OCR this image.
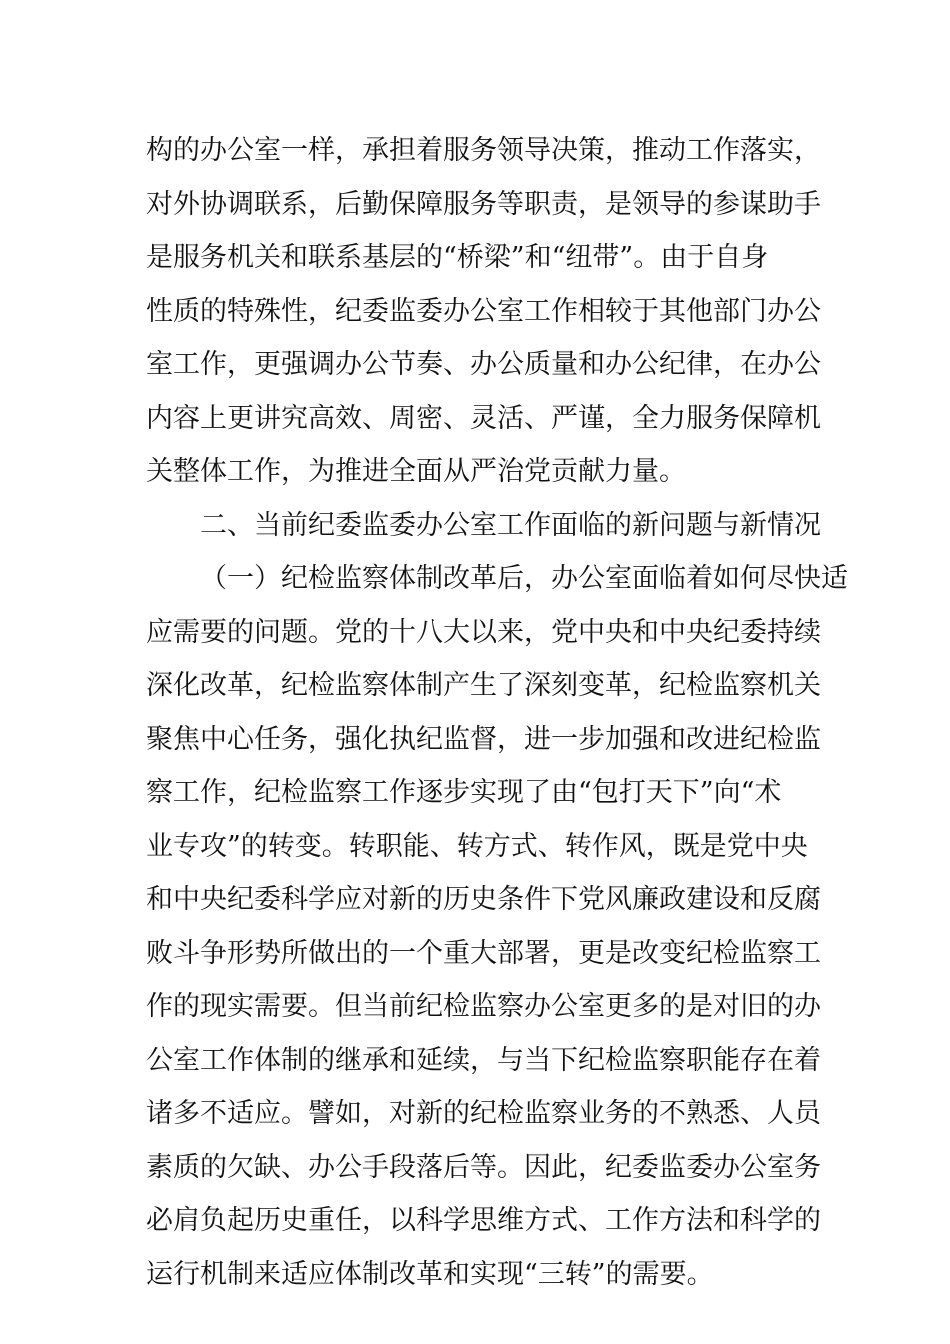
构的办公室一样，承担着服务领导决策，推动工作落实，
对外协调联系，后勤保障服务等职责，是领导的参谋助手
是服务机关和联系基层的“桥梁”和“纽带”。由于自身
性质的特殊性，纪委监委办公室工作相较于其他部门办公
室工作，更强调办公节奏、办公质量和办公纪律，在办公
内容上更讲究高效、周密、灵活、严谨，全力服务保障机
关整体工作，为推进全面从严治党贡献力量。
二、当前纪委监委办公室工作面临的新问题与新情况
（一）纪检监察体制改革后，办公室面临着如何尽快适
应需要的问题。党的十八大以来，党中央和中央纪委持续
深化改革，纪检监察体制产生了深刻变革，纪检监察机关
聚焦中心任务，强化执纪监督，进一步加强和改进纪检监
察工作，纪检监察工作逐步实现了由“包打天下”向“术
业专攻”的转变。转职能、转方式、转作风，既是党中央
和中央纪委科学应对新的历史条件下党风廉政建设和反腐
败斗争形势所做出的一个重大部署，更是改变纪检监察工
作的现实需要。但当前纪检监察办公室更多的是对旧的办
公室工作体制的继承和延续，与当下纪检监察职能存在着
诸多不适应。譬如，对新的纪检监察业务的不熟悉、人员
素质的欠缺、办公手段落后等。因此，纪委监委办公室务
必肩负起历史重任，以科学思维方式、工作方法和科学的
运行机制来适应体制改革和实现“三转”的需要。
